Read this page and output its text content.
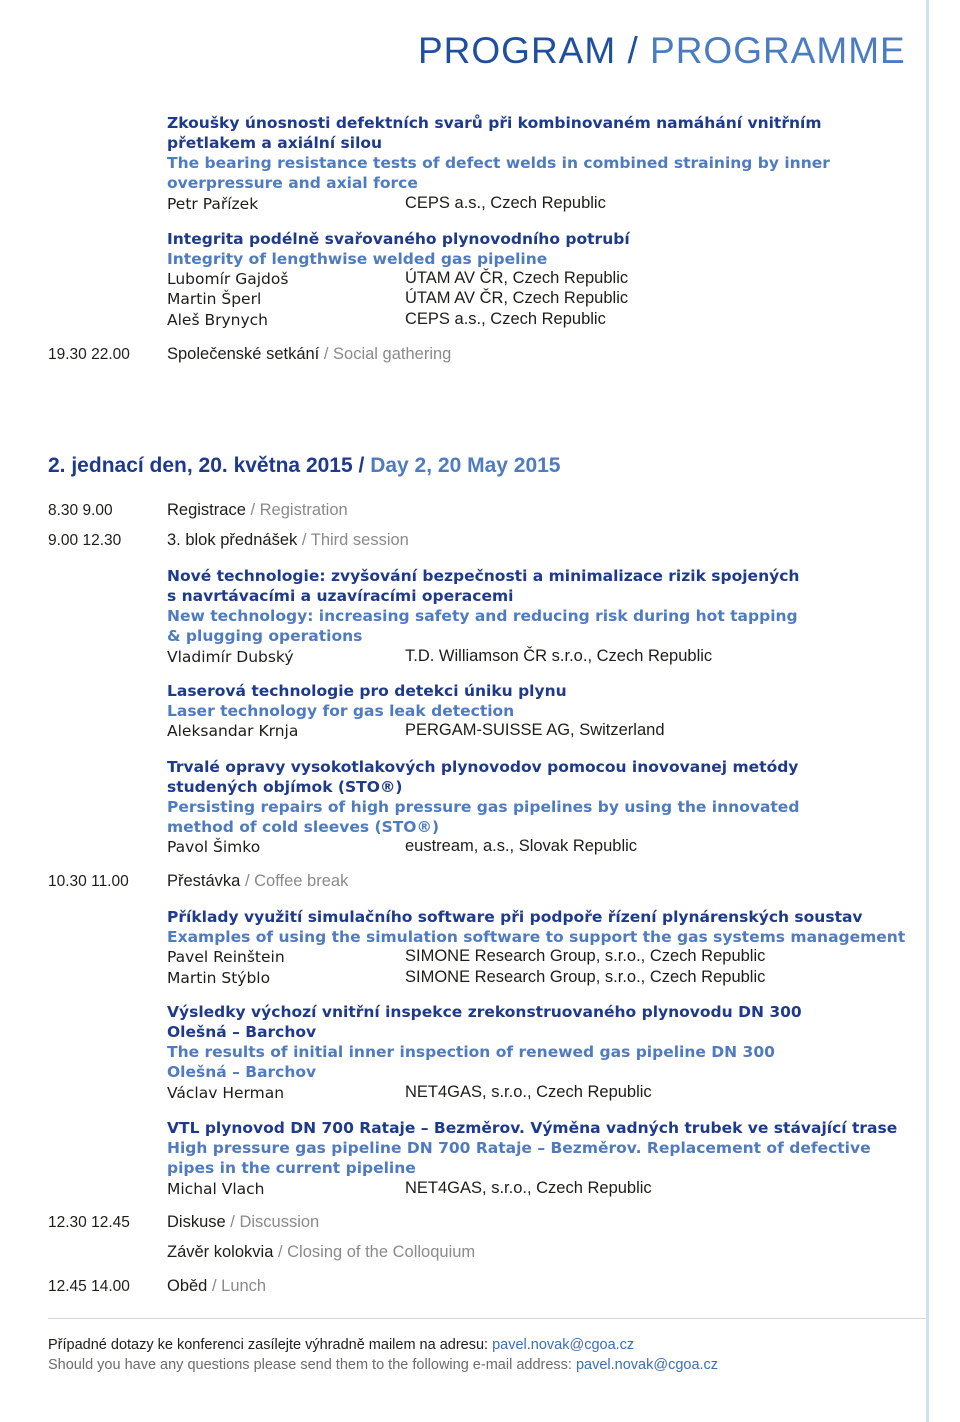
PROGRAM / PROGRAMME
Zkoušky únosnosti defektních svarů při kombinovaném namáhání vnitřním
přetlakem a axiální silou
The bearing resistance tests of defect welds in combined straining by inner
overpressure and axial force
Petr Pařízek	CEPS a.s., Czech Republic
Integrita podélně svařovaného plynovodního potrubí
Integrity of lengthwise welded gas pipeline
Lubomír Gajdoš	ÚTAM AV ČR, Czech Republic
Martin Šperl	ÚTAM AV ČR, Czech Republic
Aleš Brynych	CEPS a.s., Czech Republic
19.30 22.00 Společenské setkání / Social gathering
2. jednací den, 20. května 2015 / Day 2, 20 May 2015
8.30 9.00	Registrace / Registration
9.00 12.30	3. blok přednášek / Third session
Nové technologie: zvyšování bezpečnosti a minimalizace rizik spojených
s navrtávacími a uzavíracími operacemi
New technology: increasing safety and reducing risk during hot tapping
& plugging operations
Vladimír Dubský	T.D. Williamson ČR s.r.o., Czech Republic
Laserová technologie pro detekci úniku plynu
Laser technology for gas leak detection
Aleksandar Krnja	PERGAM-SUISSE AG, Switzerland
Trvalé opravy vysokotlakových plynovodov pomocou inovovanej metódy
studených objímok (STO®)
Persisting repairs of high pressure gas pipelines by using the innovated
method of cold sleeves (STO®)
Pavol Šimko	eustream, a.s., Slovak Republic
10.30 11.00 Přestávka / Coffee break
Příklady využití simulačního software při podpoře řízení plynárenských soustav
Examples of using the simulation software to support the gas systems management
Pavel Reinštein	SIMONE Research Group, s.r.o., Czech Republic
Martin Stýblo	SIMONE Research Group, s.r.o., Czech Republic
Výsledky výchozí vnitřní inspekce zrekonstruovaného plynovodu DN 300
Olešná – Barchov
The results of initial inner inspection of renewed gas pipeline DN 300
Olešná – Barchov
Václav Herman	NET4GAS, s.r.o., Czech Republic
VTL plynovod DN 700 Rataje – Bezměrov. Výměna vadných trubek ve stávající trase
High pressure gas pipeline DN 700 Rataje – Bezměrov. Replacement of defective
pipes in the current pipeline
Michal Vlach	NET4GAS, s.r.o., Czech Republic
12.30 12.45 Diskuse / Discussion
Závěr kolokvia / Closing of the Colloquium
12.45 14.00 Oběd / Lunch
Případné dotazy ke konferenci zasílejte výhradně mailem na adresu: pavel.novak@cgoa.cz
Should you have any questions please send them to the following e-mail address: pavel.novak@cgoa.cz
